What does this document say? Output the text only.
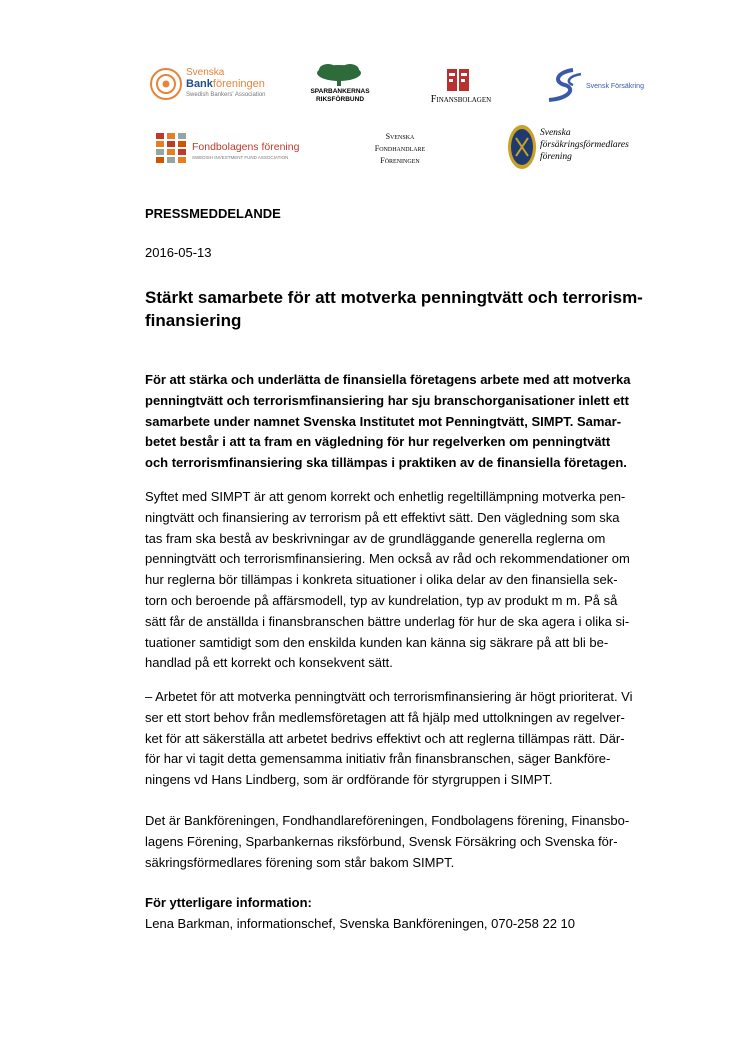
Svenska
Bankföreningen
Swedish Bankers' Association	SPARBANKERNAS
RIKSFÖRBUND	Finansbolagen
Svensk Försäkring
Fondbolagens förening
SWEDISH INVESTMENT FUND ASSOCIATION
Svenska
Fondhandlare
Föreningen
Svenska
försäkringsförmedlares
förening
PRESSMEDDELANDE
2016-05-13
Stärkt samarbete för att motverka penningtvätt och terrorism-
finansiering

För att stärka och underlätta de finansiella företagens arbete med att motverka

penningtvätt och terrorismfinansiering har sju branschorganisationer inlett ett

samarbete under namnet Svenska Institutet mot Penningtvätt, SIMPT. Samar-

betet består i att ta fram en vägledning för hur regelverken om penningtvätt

och terrorismfinansiering ska tillämpas i praktiken av de finansiella företagen.

Syftet med SIMPT är att genom korrekt och enhetlig regeltillämpning motverka pen-

ningtvätt och finansiering av terrorism på ett effektivt sätt. Den vägledning som ska

tas fram ska bestå av beskrivningar av de grundläggande generella reglerna om

penningtvätt och terrorismfinansiering. Men också av råd och rekommendationer om

hur reglerna bör tillämpas i konkreta situationer i olika delar av den finansiella sek-

torn och beroende på affärsmodell, typ av kundrelation, typ av produkt m m. På så

sätt får de anställda i finansbranschen bättre underlag för hur de ska agera i olika si-

tuationer samtidigt som den enskilda kunden kan känna sig säkrare på att bli be-

handlad på ett korrekt och konsekvent sätt.

– Arbetet för att motverka penningtvätt och terrorismfinansiering är högt prioriterat. Vi

ser ett stort behov från medlemsföretagen att få hjälp med uttolkningen av regelver-

ket för att säkerställa att arbetet bedrivs effektivt och att reglerna tillämpas rätt. Där-

för har vi tagit detta gemensamma initiativ från finansbranschen, säger Bankföre-

ningens vd Hans Lindberg, som är ordförande för styrgruppen i SIMPT.

Det är Bankföreningen, Fondhandlareföreningen, Fondbolagens förening, Finansbo-

lagens Förening, Sparbankernas riksförbund, Svensk Försäkring och Svenska för-

säkringsförmedlares förening som står bakom SIMPT.

För ytterligare information:

Lena Barkman, informationschef, Svenska Bankföreningen, 070-258 22 10
